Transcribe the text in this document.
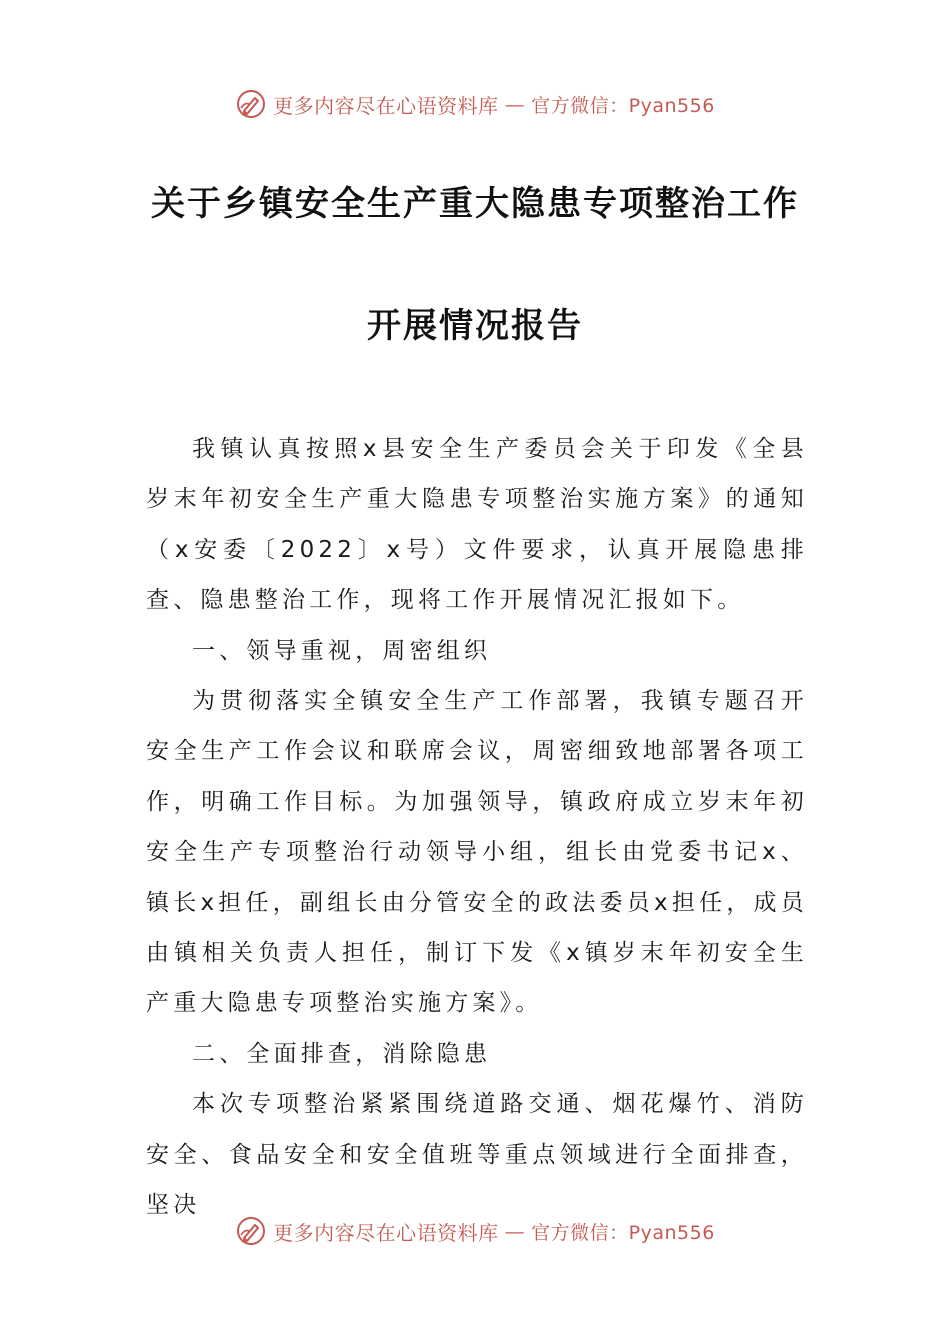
更多内容尽在心语资料库 — 官方微信：Pyan556
关于乡镇安全生产重大隐患专项整治工作
开展情况报告

我镇认真按照x县安全生产委员会关于印发《全县岁末年初安全生产重大隐患专项整治实施方案》的通知（x安委〔2022〕x号）文件要求，认真开展隐患排查、隐患整治工作，现将工作开展情况汇报如下。

一、领导重视，周密组织

为贯彻落实全镇安全生产工作部署，我镇专题召开安全生产工作会议和联席会议，周密细致地部署各项工作，明确工作目标。为加强领导，镇政府成立岁末年初安全生产专项整治行动领导小组，组长由党委书记x、镇长x担任，副组长由分管安全的政法委员x担任，成员由镇相关负责人担任，制订下发《x镇岁末年初安全生产重大隐患专项整治实施方案》。

二、全面排查，消除隐患

本次专项整治紧紧围绕道路交通、烟花爆竹、消防安全、食品安全和安全值班等重点领域进行全面排查，坚决

更多内容尽在心语资料库 — 官方微信：Pyan556
